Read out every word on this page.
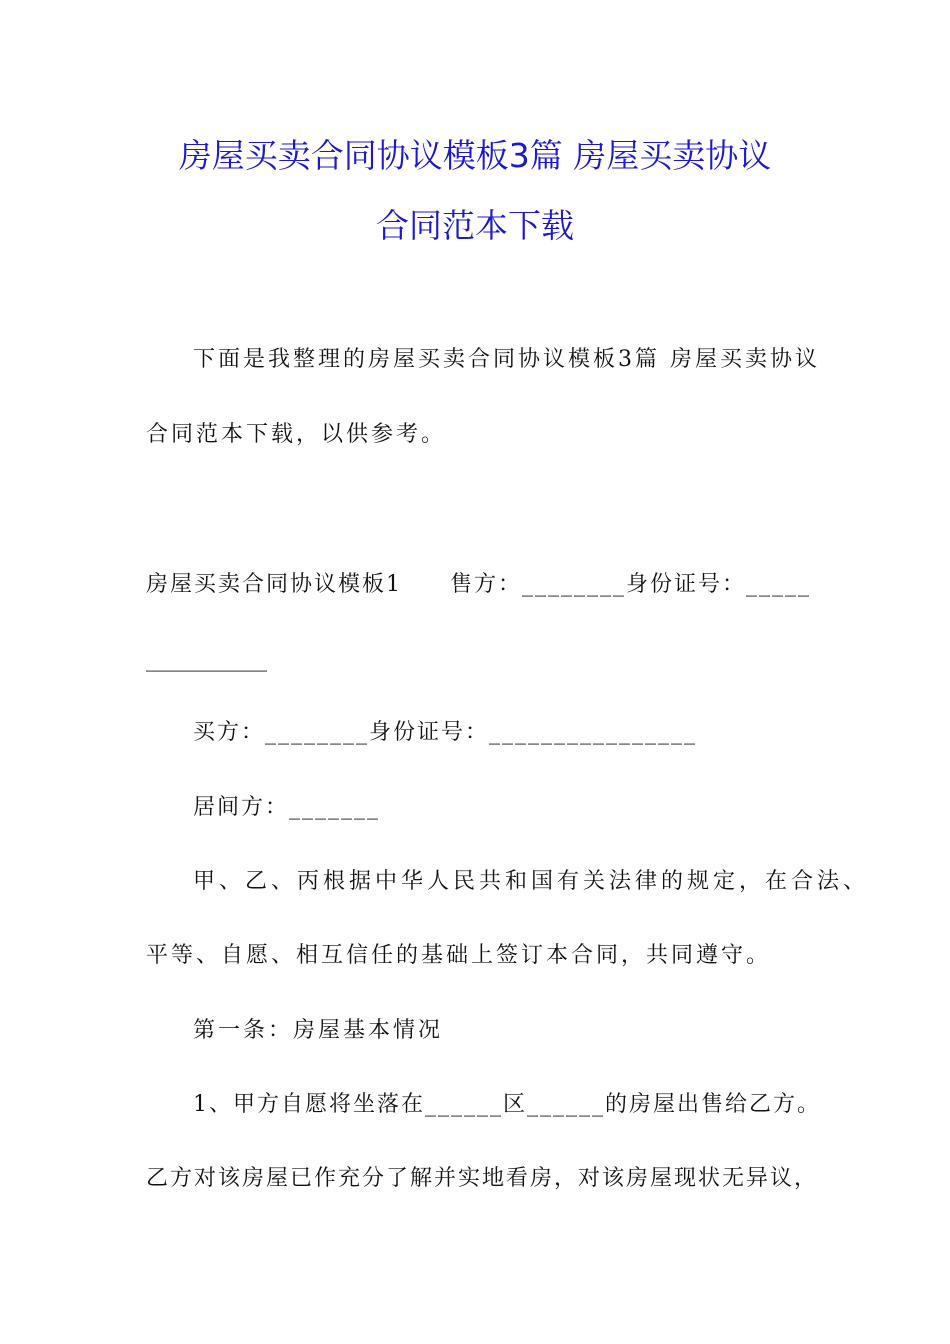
房屋买卖合同协议模板3篇 房屋买卖协议
合同范本下载
下面是我整理的房屋买卖合同协议模板3篇 房屋买卖协议
合同范本下载，以供参考。
房屋买卖合同协议模板1　　售方：________身份证号：_____
___________
买方：________身份证号：________________
居间方：_______
甲、乙、丙根据中华人民共和国有关法律的规定，在合法、
平等、自愿、相互信任的基础上签订本合同，共同遵守。
第一条：房屋基本情况
1、甲方自愿将坐落在______区______的房屋出售给乙方。
乙方对该房屋已作充分了解并实地看房，对该房屋现状无异议，
